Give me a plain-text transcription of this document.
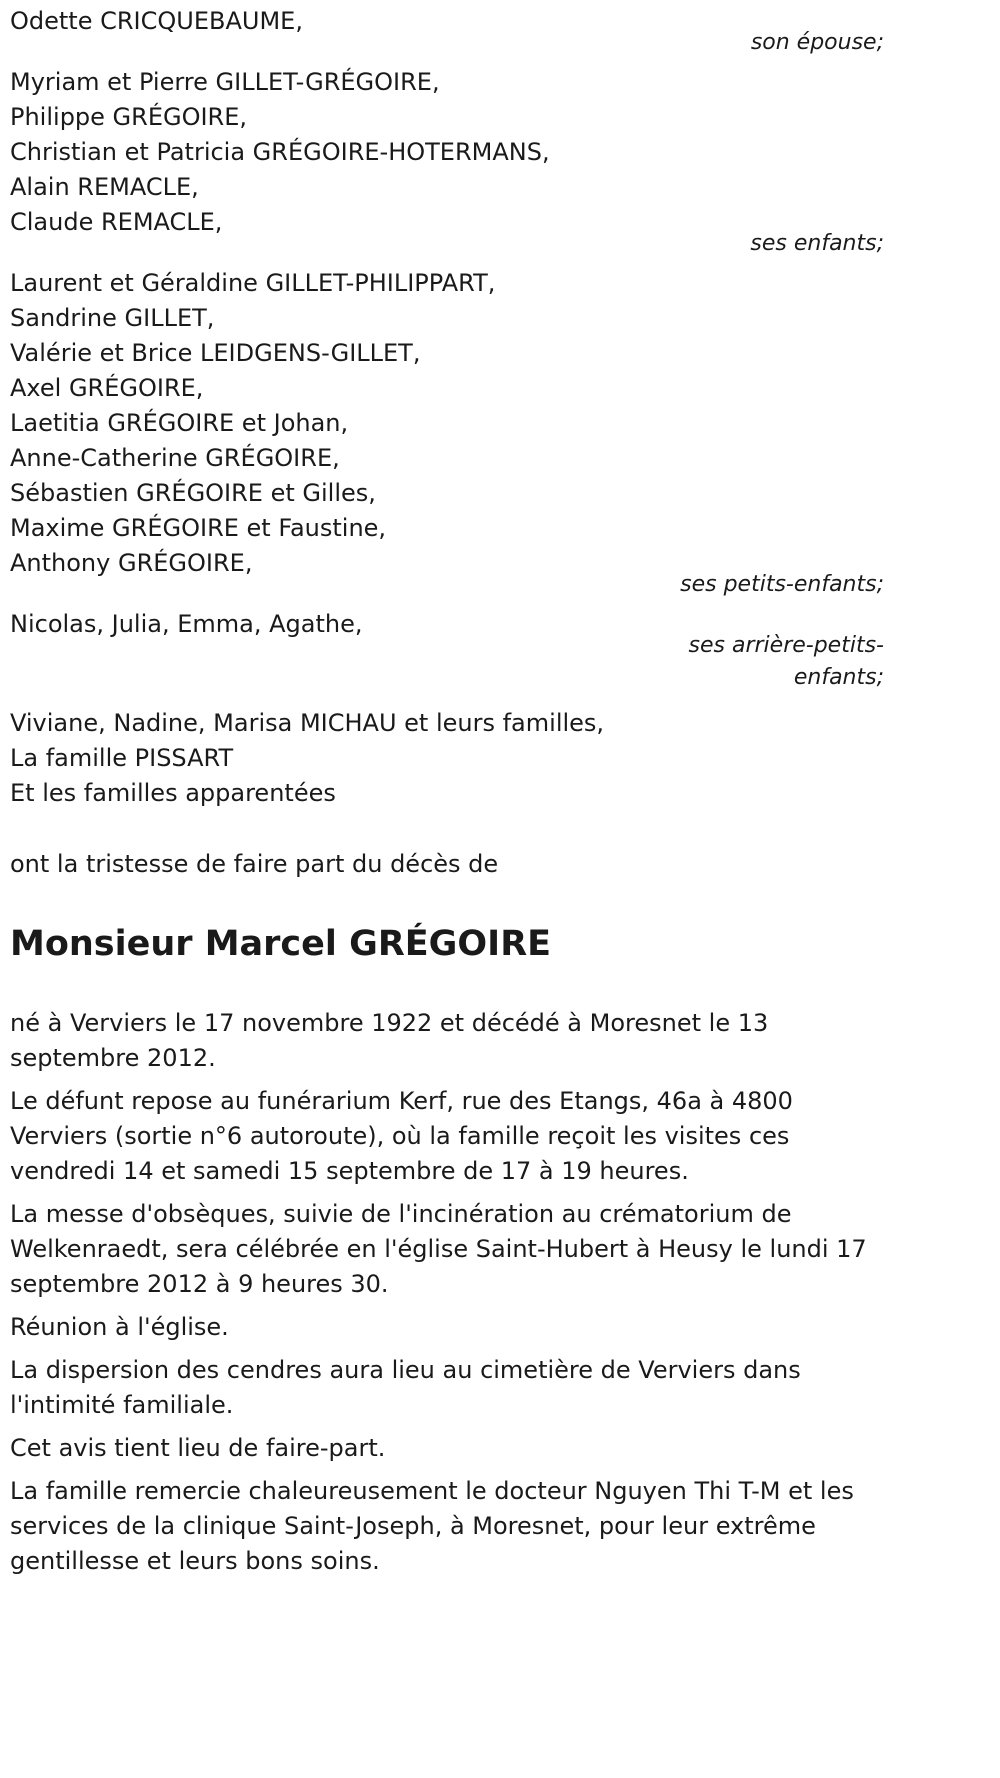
Odette CRICQUEBAUME,
son épouse;
Myriam et Pierre GILLET-GRÉGOIRE,
Philippe GRÉGOIRE,
Christian et Patricia GRÉGOIRE-HOTERMANS,
Alain REMACLE,
Claude REMACLE,
ses enfants;
Laurent et Géraldine GILLET-PHILIPPART,
Sandrine GILLET,
Valérie et Brice LEIDGENS-GILLET,
Axel GRÉGOIRE,
Laetitia GRÉGOIRE et Johan,
Anne-Catherine GRÉGOIRE,
Sébastien GRÉGOIRE et Gilles,
Maxime GRÉGOIRE et Faustine,
Anthony GRÉGOIRE,
ses petits-enfants;
Nicolas, Julia, Emma, Agathe,
ses arrière-petits-
enfants;
Viviane, Nadine, Marisa MICHAU et leurs familles,
La famille PISSART
Et les familles apparentées
ont la tristesse de faire part du décès de
Monsieur Marcel GRÉGOIRE

né à Verviers le 17 novembre 1922 et décédé à Moresnet le 13 septembre 2012.

Le défunt repose au funérarium Kerf, rue des Etangs, 46a à 4800 Verviers (sortie n°6 autoroute), où la famille reçoit les visites ces vendredi 14 et samedi 15 septembre de 17 à 19 heures.

La messe d'obsèques, suivie de l'incinération au crématorium de Welkenraedt, sera célébrée en l'église Saint-Hubert à Heusy le lundi 17 septembre 2012 à 9 heures 30.

Réunion à l'église.

La dispersion des cendres aura lieu au cimetière de Verviers dans l'intimité familiale.

Cet avis tient lieu de faire-part.

La famille remercie chaleureusement le docteur Nguyen Thi T-M et les services de la clinique Saint-Joseph, à Moresnet, pour leur extrême gentillesse et leurs bons soins.
